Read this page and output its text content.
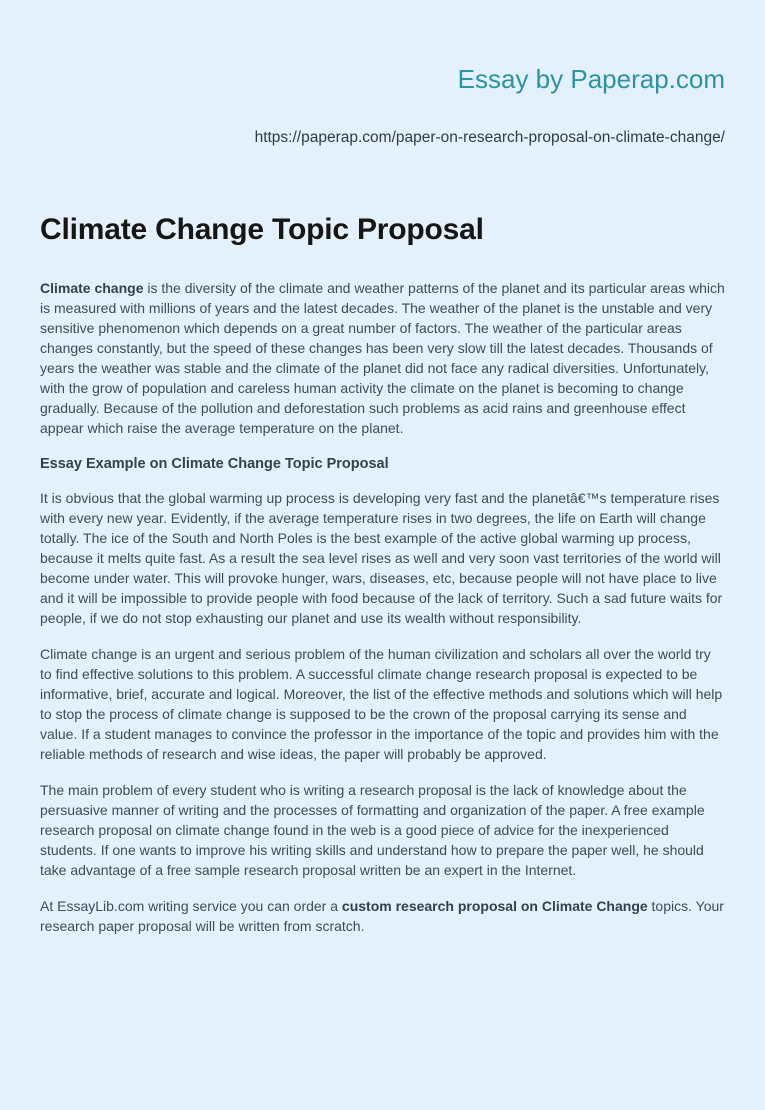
Essay by Paperap.com
https://paperap.com/paper-on-research-proposal-on-climate-change/
Climate Change Topic Proposal

Climate change is the diversity of the climate and weather patterns of the planet and its particular areas which is measured with millions of years and the latest decades. The weather of the planet is the unstable and very sensitive phenomenon which depends on a great number of factors. The weather of the particular areas changes constantly, but the speed of these changes has been very slow till the latest decades. Thousands of years the weather was stable and the climate of the planet did not face any radical diversities. Unfortunately, with the grow of population and careless human activity the climate on the planet is becoming to change gradually. Because of the pollution and deforestation such problems as acid rains and greenhouse effect appear which raise the average temperature on the planet.

Essay Example on Climate Change Topic Proposal

It is obvious that the global warming up process is developing very fast and the planetâ€™s temperature rises with every new year. Evidently, if the average temperature rises in two degrees, the life on Earth will change totally. The ice of the South and North Poles is the best example of the active global warming up process, because it melts quite fast. As a result the sea level rises as well and very soon vast territories of the world will become under water. This will provoke hunger, wars, diseases, etc, because people will not have place to live and it will be impossible to provide people with food because of the lack of territory. Such a sad future waits for people, if we do not stop exhausting our planet and use its wealth without responsibility.

Climate change is an urgent and serious problem of the human civilization and scholars all over the world try to find effective solutions to this problem. A successful climate change research proposal is expected to be informative, brief, accurate and logical. Moreover, the list of the effective methods and solutions which will help to stop the process of climate change is supposed to be the crown of the proposal carrying its sense and value. If a student manages to convince the professor in the importance of the topic and provides him with the reliable methods of research and wise ideas, the paper will probably be approved.

The main problem of every student who is writing a research proposal is the lack of knowledge about the persuasive manner of writing and the processes of formatting and organization of the paper. A free example research proposal on climate change found in the web is a good piece of advice for the inexperienced students. If one wants to improve his writing skills and understand how to prepare the paper well, he should take advantage of a free sample research proposal written be an expert in the Internet.

At EssayLib.com writing service you can order a custom research proposal on Climate Change topics. Your research paper proposal will be written from scratch.
